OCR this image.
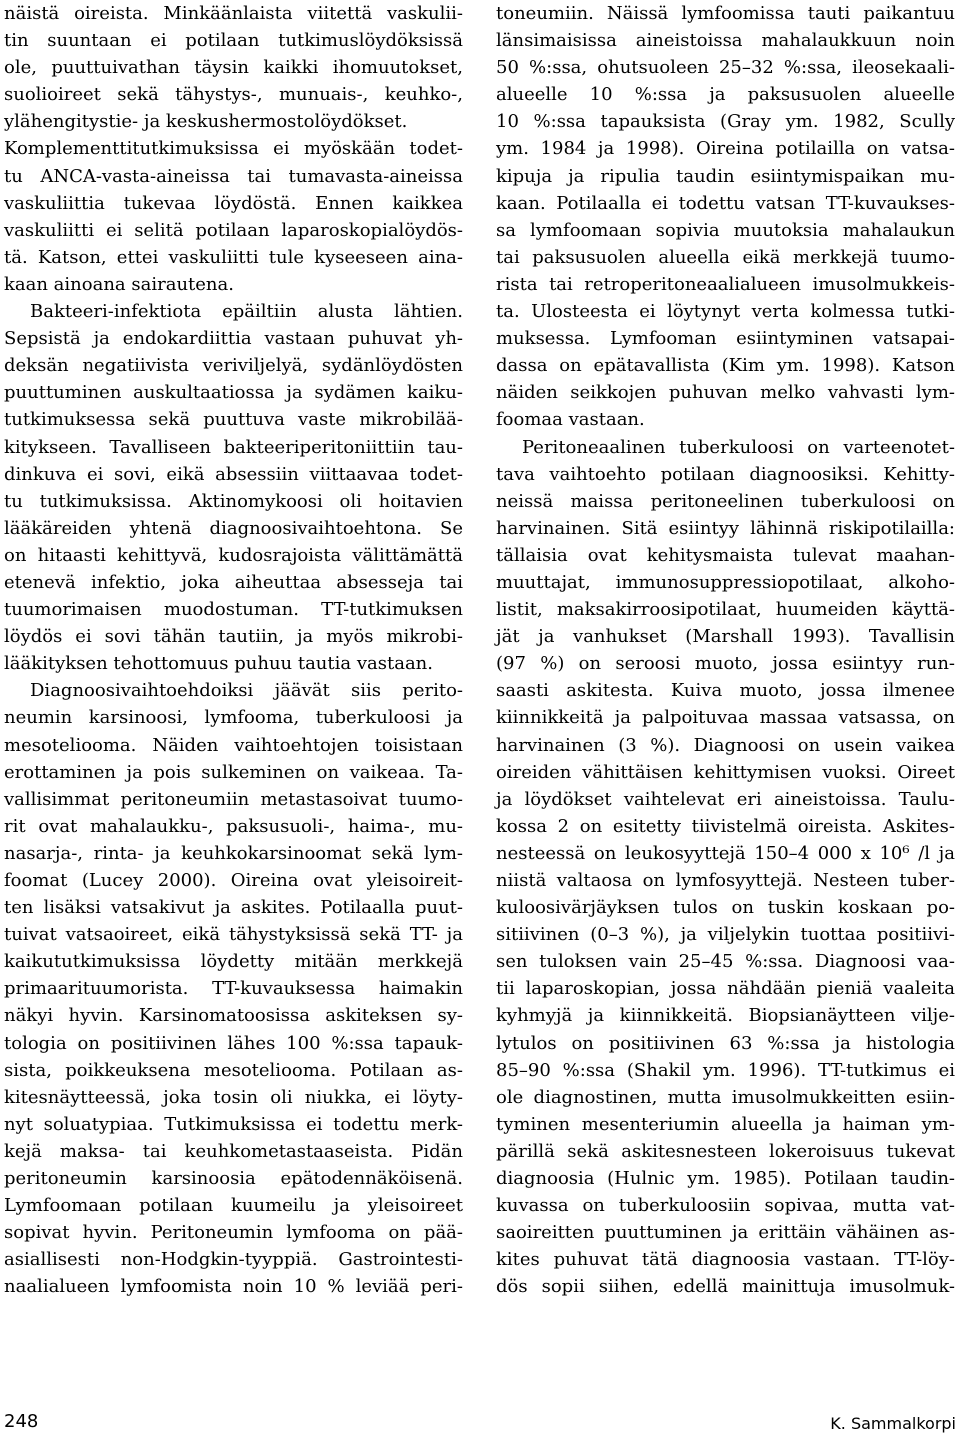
näistä oireista. Minkäänlaista viitettä vaskulii-
tin suuntaan ei potilaan tutkimuslöydöksissä
ole, puuttuivathan täysin kaikki ihomuutokset,
suolioireet sekä tähystys-, munuais-, keuhko-,
ylähengitystie- ja keskushermostolöydökset.
Komplementtitutkimuksissa ei myöskään todet-
tu ANCA-vasta-aineissa tai tumavasta-aineissa
vaskuliittia tukevaa löydöstä. Ennen kaikkea
vaskuliitti ei selitä potilaan laparoskopialöydös-
tä. Katson, ettei vaskuliitti tule kyseeseen aina-
kaan ainoana sairautena.
Bakteeri-infektiota epäiltiin alusta lähtien.
Sepsistä ja endokardiittia vastaan puhuvat yh-
deksän negatiivista veriviljelyä, sydänlöydösten
puuttuminen auskultaatiossa ja sydämen kaiku-
tutkimuksessa sekä puuttuva vaste mikrobilää-
kitykseen. Tavalliseen bakteeriperitoniittiin tau-
dinkuva ei sovi, eikä absessiin viittaavaa todet-
tu tutkimuksissa. Aktinomykoosi oli hoitavien
lääkäreiden yhtenä diagnoosivaihtoehtona. Se
on hitaasti kehittyvä, kudosrajoista välittämättä
etenevä infektio, joka aiheuttaa absesseja tai
tuumorimaisen muodostuman. TT-tutkimuksen
löydös ei sovi tähän tautiin, ja myös mikrobi-
lääkityksen tehottomuus puhuu tautia vastaan.
Diagnoosivaihtoehdoiksi jäävät siis perito-
neumin karsinoosi, lymfooma, tuberkuloosi ja
mesoteliooma. Näiden vaihtoehtojen toisistaan
erottaminen ja pois sulkeminen on vaikeaa. Ta-
vallisimmat peritoneumiin metastasoivat tuumo-
rit ovat mahalaukku-, paksusuoli-, haima-, mu-
nasarja-, rinta- ja keuhkokarsinoomat sekä lym-
foomat (Lucey 2000). Oireina ovat yleisoireit-
ten lisäksi vatsakivut ja askites. Potilaalla puut-
tuivat vatsaoireet, eikä tähystyksissä sekä TT- ja
kaikututkimuksissa löydetty mitään merkkejä
primaarituumorista. TT-kuvauksessa haimakin
näkyi hyvin. Karsinomatoosissa askiteksen sy-
tologia on positiivinen lähes 100 %:ssa tapauk-
sista, poikkeuksena mesoteliooma. Potilaan as-
kitesnäytteessä, joka tosin oli niukka, ei löyty-
nyt soluatypiaa. Tutkimuksissa ei todettu merk-
kejä maksa- tai keuhkometastaaseista. Pidän
peritoneumin karsinoosia epätodennäköisenä.
Lymfoomaan potilaan kuumeilu ja yleisoireet
sopivat hyvin. Peritoneumin lymfooma on pää-
asiallisesti non-Hodgkin-tyyppiä. Gastrointesti-
naalialueen lymfoomista noin 10 % leviää peri-
toneumiin. Näissä lymfoomissa tauti paikantuu
länsimaisissa aineistoissa mahalaukkuun noin
50 %:ssa, ohutsuoleen 25–32 %:ssa, ileosekaali-
alueelle 10 %:ssa ja paksusuolen alueelle
10 %:ssa tapauksista (Gray ym. 1982, Scully
ym. 1984 ja 1998). Oireina potilailla on vatsa-
kipuja ja ripulia taudin esiintymispaikan mu-
kaan. Potilaalla ei todettu vatsan TT-kuvaukses-
sa lymfoomaan sopivia muutoksia mahalaukun
tai paksusuolen alueella eikä merkkejä tuumo-
rista tai retroperitoneaalialueen imusolmukkeis-
ta. Ulosteesta ei löytynyt verta kolmessa tutki-
muksessa. Lymfooman esiintyminen vatsapai-
dassa on epätavallista (Kim ym. 1998). Katson
näiden seikkojen puhuvan melko vahvasti lym-
foomaa vastaan.
Peritoneaalinen tuberkuloosi on varteenotet-
tava vaihtoehto potilaan diagnoosiksi. Kehitty-
neissä maissa peritoneelinen tuberkuloosi on
harvinainen. Sitä esiintyy lähinnä riskipotilailla:
tällaisia ovat kehitysmaista tulevat maahan-
muuttajat, immunosuppressiopotilaat, alkoho-
listit, maksakirroosipotilaat, huumeiden käyttä-
jät ja vanhukset (Marshall 1993). Tavallisin
(97 %) on seroosi muoto, jossa esiintyy run-
saasti askitesta. Kuiva muoto, jossa ilmenee
kiinnikkeitä ja palpoituvaa massaa vatsassa, on
harvinainen (3 %). Diagnoosi on usein vaikea
oireiden vähittäisen kehittymisen vuoksi. Oireet
ja löydökset vaihtelevat eri aineistoissa. Taulu-
kossa 2 on esitetty tiivistelmä oireista. Askites-
nesteessä on leukosyyttejä 150–4 000 x 10⁶ /l ja
niistä valtaosa on lymfosyyttejä. Nesteen tuber-
kuloosivärjäyksen tulos on tuskin koskaan po-
sitiivinen (0–3 %), ja viljelykin tuottaa positiivi-
sen tuloksen vain 25–45 %:ssa. Diagnoosi vaa-
tii laparoskopian, jossa nähdään pieniä vaaleita
kyhmyjä ja kiinnikkeitä. Biopsianäytteen vilje-
lytulos on positiivinen 63 %:ssa ja histologia
85–90 %:ssa (Shakil ym. 1996). TT-tutkimus ei
ole diagnostinen, mutta imusolmukkeitten esiin-
tyminen mesenteriumin alueella ja haiman ym-
pärillä sekä askitesnesteen lokeroisuus tukevat
diagnoosia (Hulnic ym. 1985). Potilaan taudin-
kuvassa on tuberkuloosiin sopivaa, mutta vat-
saoireitten puuttuminen ja erittäin vähäinen as-
kites puhuvat tätä diagnoosia vastaan. TT-löy-
dös sopii siihen, edellä mainittuja imusolmuk-
248	K. Sammalkorpi
